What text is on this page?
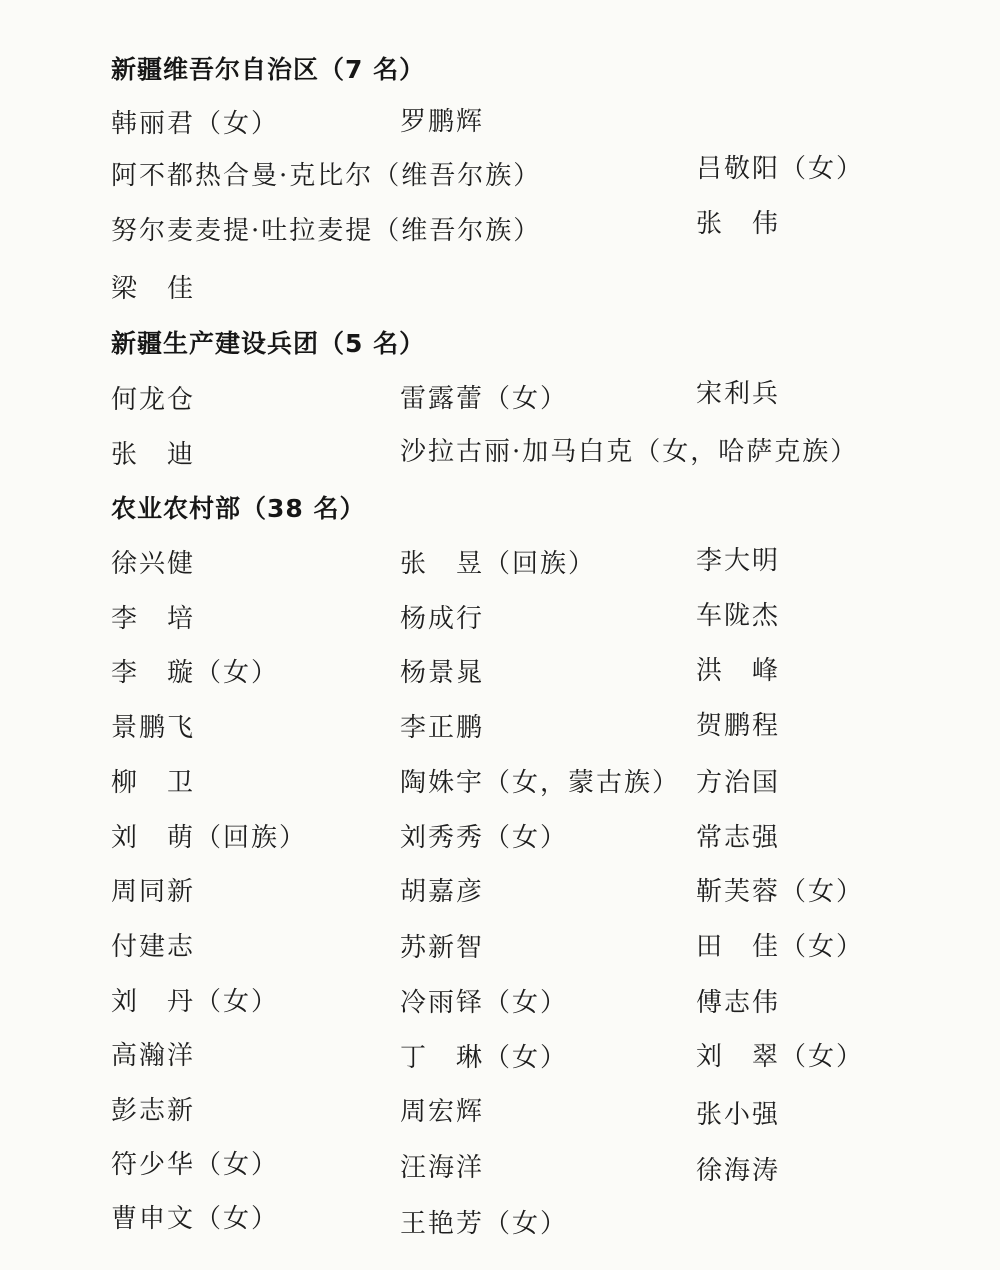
新疆维吾尔自治区（7 名）
韩丽君（女）	罗鹏辉
阿不都热合曼·克比尔（维吾尔族）	吕敬阳（女）
努尔麦麦提·吐拉麦提（维吾尔族）	张　伟
梁　佳
新疆生产建设兵团（5 名）
何龙仓	雷露蕾（女）	宋利兵
张　迪	沙拉古丽·加马白克（女，哈萨克族）
农业农村部（38 名）
徐兴健	张　昱（回族）	李大明
李　培	杨成行	车陇杰
李　璇（女）	杨景晁	洪　峰
景鹏飞	李正鹏	贺鹏程
柳　卫	陶姝宇（女，蒙古族） 方治国
刘　萌（回族）	刘秀秀（女）	常志强
周同新	胡嘉彦	靳芙蓉（女）
付建志	苏新智	田　佳（女）
刘　丹（女）	冷雨铎（女）	傅志伟
高瀚洋	丁　琳（女）	刘　翠（女）
彭志新	周宏辉	张小强
符少华（女）	汪海洋	徐海涛
曹申文（女）	王艳芳（女）
